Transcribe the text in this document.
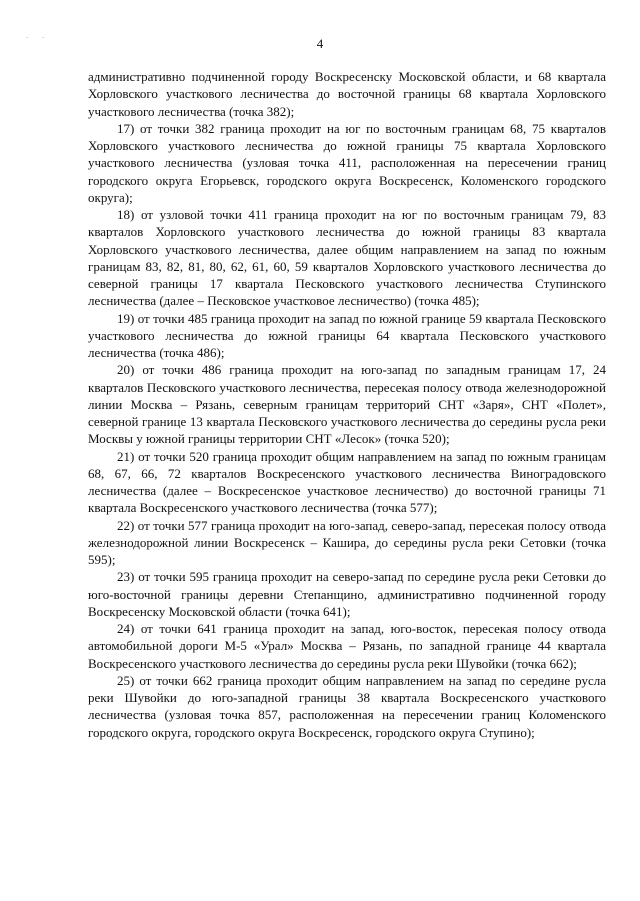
. .
4

административно подчиненной городу Воскресенску Московской области, и 68 квартала Хорловского участкового лесничества до восточной границы 68 квартала Хорловского участкового лесничества (точка 382);

17) от точки 382 граница проходит на юг по восточным границам 68, 75 кварталов Хорловского участкового лесничества до южной границы 75 квартала Хорловского участкового лесничества (узловая точка 411, расположенная на пересечении границ городского округа Егорьевск, городского округа Воскресенск, Коломенского городского округа);

18) от узловой точки 411 граница проходит на юг по восточным границам 79, 83 кварталов Хорловского участкового лесничества до южной границы 83 квартала Хорловского участкового лесничества, далее общим направлением на запад по южным границам 83, 82, 81, 80, 62, 61, 60, 59 кварталов Хорловского участкового лесничества до северной границы 17 квартала Песковского участкового лесничества Ступинского лесничества (далее – Песковское участковое лесничество) (точка 485);

19) от точки 485 граница проходит на запад по южной границе 59 квартала Песковского участкового лесничества до южной границы 64 квартала Песковского участкового лесничества (точка 486);

20) от точки 486 граница проходит на юго-запад по западным границам 17, 24 кварталов Песковского участкового лесничества, пересекая полосу отвода железнодорожной линии Москва – Рязань, северным границам территорий СНТ «Заря», СНТ «Полет», северной границе 13 квартала Песковского участкового лесничества до середины русла реки Москвы у южной границы территории СНТ «Лесок» (точка 520);

21) от точки 520 граница проходит общим направлением на запад по южным границам 68, 67, 66, 72 кварталов Воскресенского участкового лесничества Виноградовского лесничества (далее – Воскресенское участковое лесничество) до восточной границы 71 квартала Воскресенского участкового лесничества (точка 577);

22) от точки 577 граница проходит на юго-запад, северо-запад, пересекая полосу отвода железнодорожной линии Воскресенск – Кашира, до середины русла реки Сетовки (точка 595);

23) от точки 595 граница проходит на северо-запад по середине русла реки Сетовки до юго-восточной границы деревни Степанщино, административно подчиненной городу Воскресенску Московской области (точка 641);

24) от точки 641 граница проходит на запад, юго-восток, пересекая полосу отвода автомобильной дороги М-5 «Урал» Москва – Рязань, по западной границе 44 квартала Воскресенского участкового лесничества до середины русла реки Шувойки (точка 662);

25) от точки 662 граница проходит общим направлением на запад по середине русла реки Шувойки до юго-западной границы 38 квартала Воскресенского участкового лесничества (узловая точка 857, расположенная на пересечении границ Коломенского городского округа, городского округа Воскресенск, городского округа Ступино);
